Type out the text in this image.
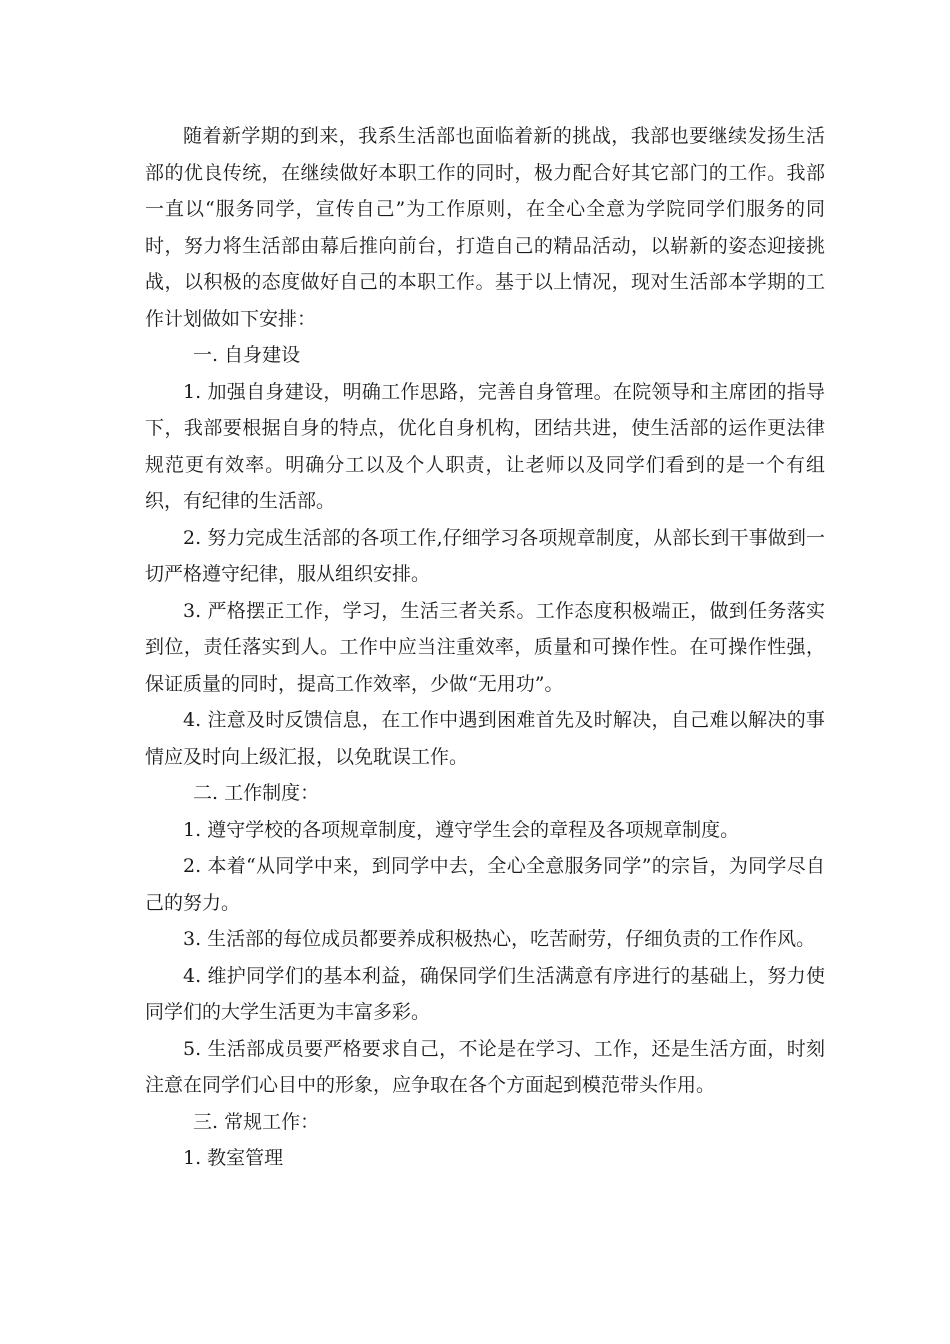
随着新学期的到来，我系生活部也面临着新的挑战，我部也要继续发扬生活部的优良传统，在继续做好本职工作的同时，极力配合好其它部门的工作。我部一直以“服务同学，宣传自己”为工作原则，在全心全意为学院同学们服务的同时，努力将生活部由幕后推向前台，打造自己的精品活动，以崭新的姿态迎接挑战，以积极的态度做好自己的本职工作。基于以上情况，现对生活部本学期的工作计划做如下安排：

一. 自身建设

1. 加强自身建设，明确工作思路，完善自身管理。在院领导和主席团的指导下，我部要根据自身的特点，优化自身机构，团结共进，使生活部的运作更法律规范更有效率。明确分工以及个人职责，让老师以及同学们看到的是一个有组织，有纪律的生活部。

2. 努力完成生活部的各项工作,仔细学习各项规章制度，从部长到干事做到一切严格遵守纪律，服从组织安排。

3. 严格摆正工作，学习，生活三者关系。工作态度积极端正，做到任务落实到位，责任落实到人。工作中应当注重效率，质量和可操作性。在可操作性强，保证质量的同时，提高工作效率，少做“无用功”。

4. 注意及时反馈信息，在工作中遇到困难首先及时解决，自己难以解决的事情应及时向上级汇报，以免耽误工作。

二. 工作制度：

1. 遵守学校的各项规章制度，遵守学生会的章程及各项规章制度。

2. 本着“从同学中来，到同学中去，全心全意服务同学”的宗旨，为同学尽自己的努力。

3. 生活部的每位成员都要养成积极热心，吃苦耐劳，仔细负责的工作作风。

4. 维护同学们的基本利益，确保同学们生活满意有序进行的基础上，努力使同学们的大学生活更为丰富多彩。

5. 生活部成员要严格要求自己，不论是在学习、工作，还是生活方面，时刻注意在同学们心目中的形象，应争取在各个方面起到模范带头作用。

三. 常规工作：

1. 教室管理
